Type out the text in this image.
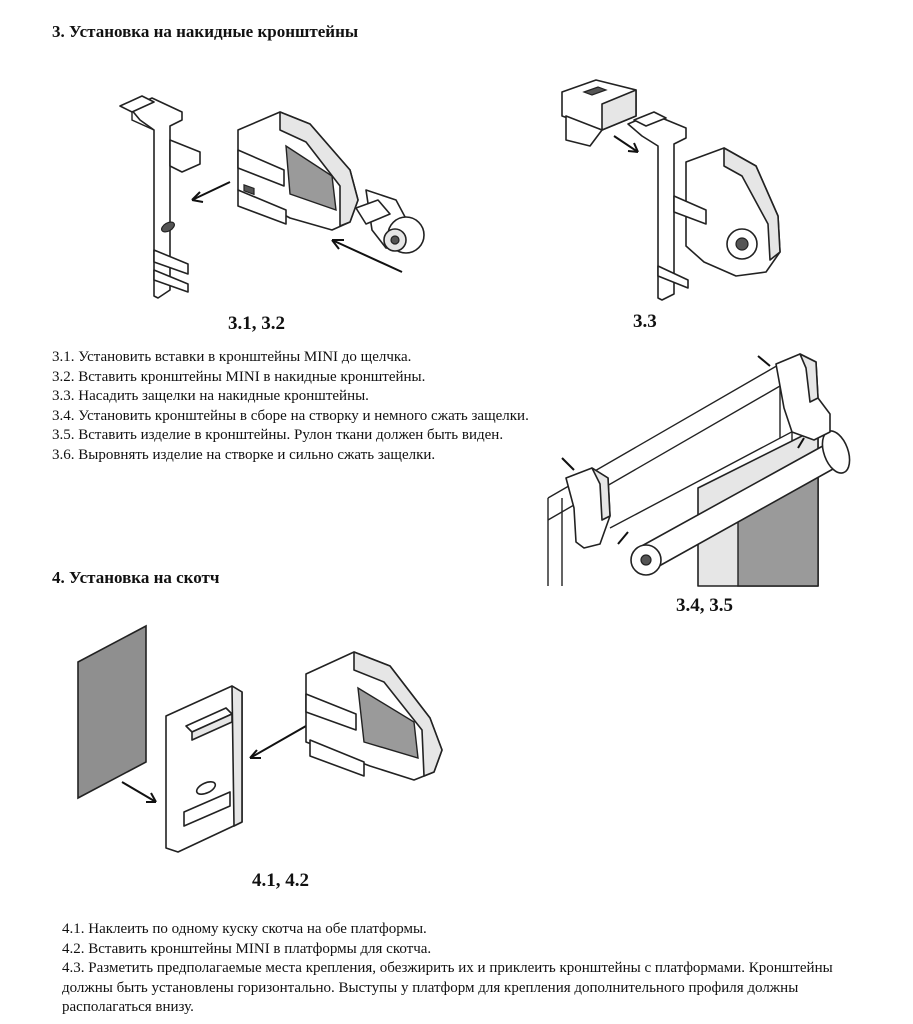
3. Установка на накидные кронштейны
3.1, 3.2	3.3

3.1. Установить вставки в кронштейны MINI до щелчка.

3.2. Вставить кронштейны MINI в накидные кронштейны.

3.3. Насадить защелки на накидные кронштейны.

3.4. Установить кронштейны в сборе на створку и немного сжать защелки.

3.5. Вставить изделие в кронштейны. Рулон ткани должен быть виден.

3.6. Выровнять изделие на створке и сильно сжать защелки.

3.4, 3.5
4. Установка на скотч
4.1, 4.2

4.1. Наклеить по одному куску скотча на обе платформы.

4.2. Вставить кронштейны MINI в платформы для скотча.

4.3. Разметить предполагаемые места крепления, обезжирить их и приклеить кронштейны с платформами. Кронштейны должны быть установлены горизонтально. Выступы у платформ для крепления дополнительного профиля должны располагаться внизу.
